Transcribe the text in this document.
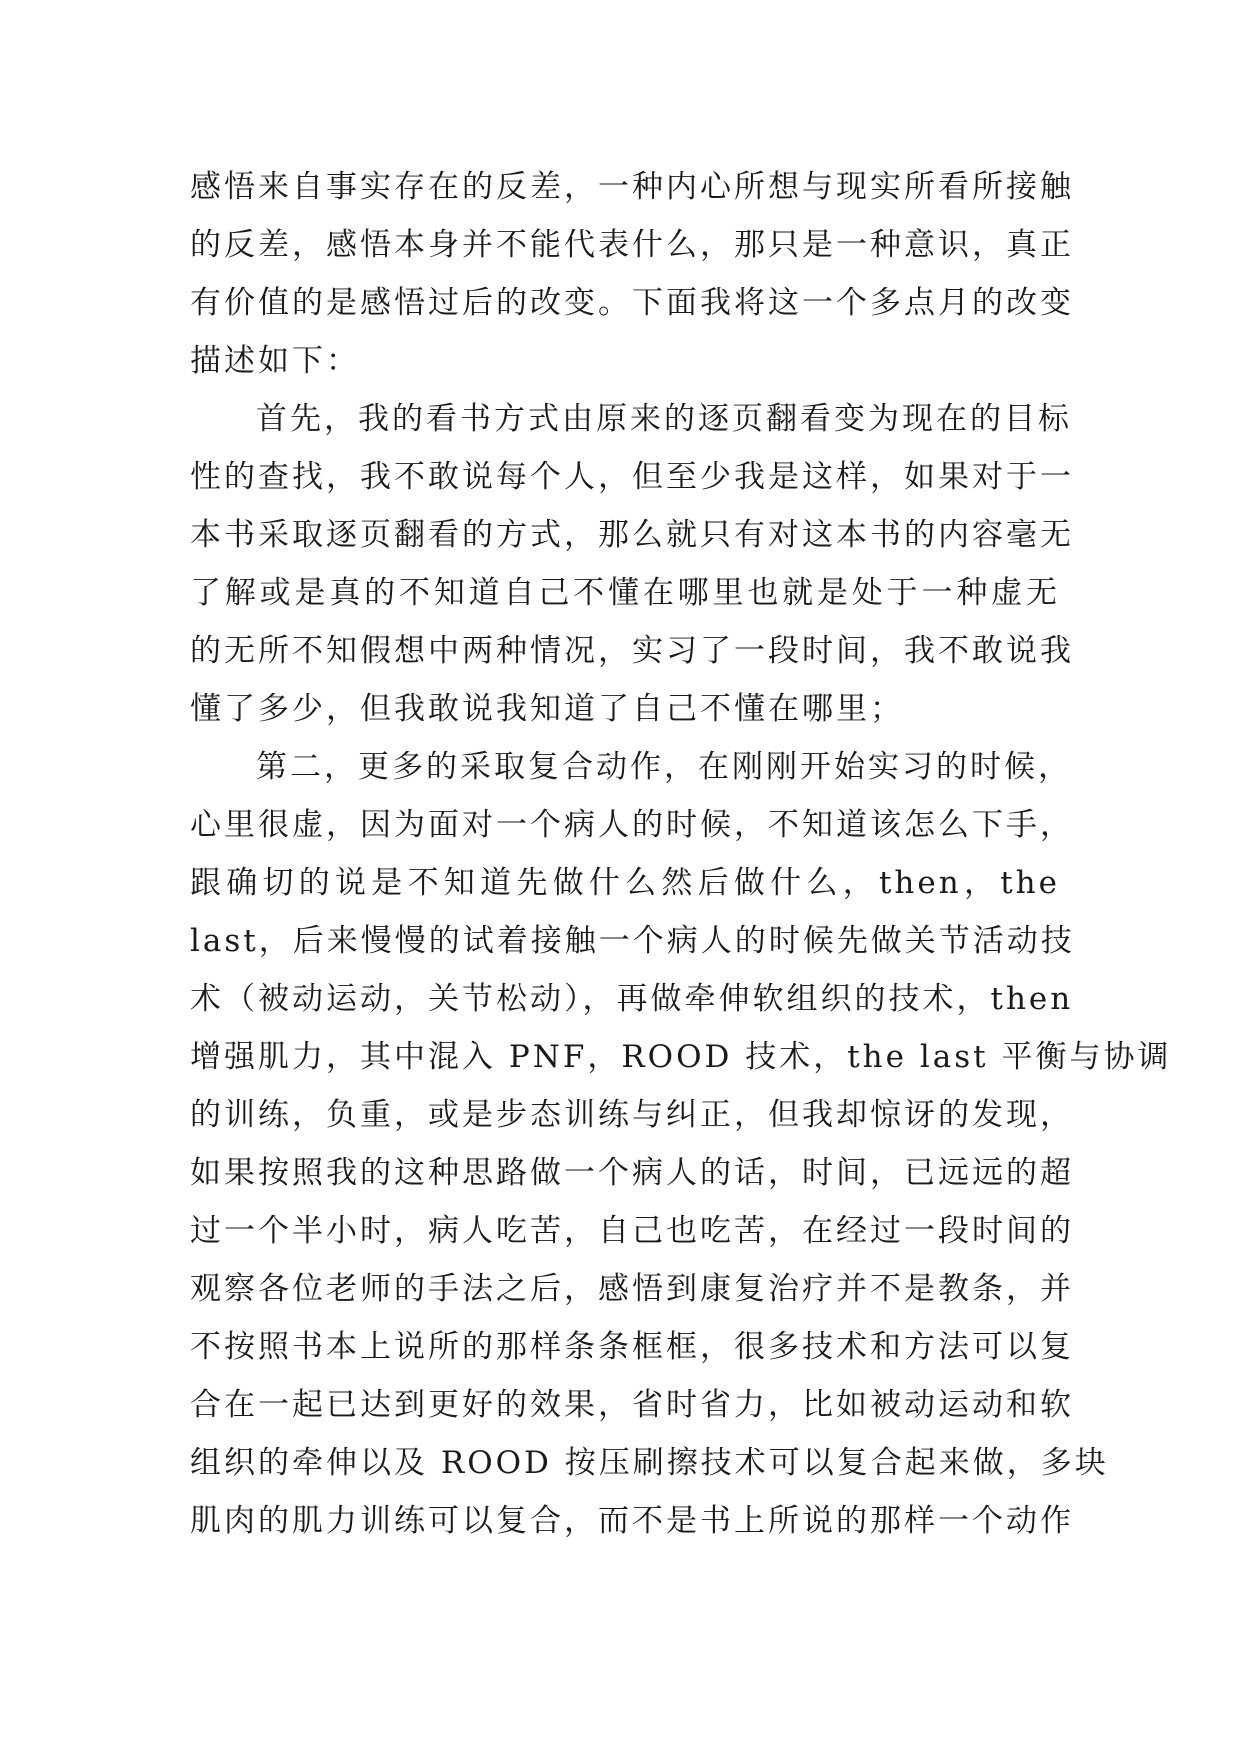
感悟来自事实存在的反差，一种内心所想与现实所看所接触
的反差，感悟本身并不能代表什么，那只是一种意识，真正
有价值的是感悟过后的改变。下面我将这一个多点月的改变
描述如下：
首先，我的看书方式由原来的逐页翻看变为现在的目标
性的查找，我不敢说每个人，但至少我是这样，如果对于一
本书采取逐页翻看的方式，那么就只有对这本书的内容毫无
了解或是真的不知道自己不懂在哪里也就是处于一种虚无
的无所不知假想中两种情况，实习了一段时间，我不敢说我
懂了多少，但我敢说我知道了自己不懂在哪里；
第二，更多的采取复合动作，在刚刚开始实习的时候，
心里很虚，因为面对一个病人的时候，不知道该怎么下手，
跟确切的说是不知道先做什么然后做什么，then，the
last，后来慢慢的试着接触一个病人的时候先做关节活动技
术（被动运动，关节松动），再做牵伸软组织的技术，then
增强肌力，其中混入 PNF，ROOD 技术，the last 平衡与协调
的训练，负重，或是步态训练与纠正，但我却惊讶的发现，
如果按照我的这种思路做一个病人的话，时间，已远远的超
过一个半小时，病人吃苦，自己也吃苦，在经过一段时间的
观察各位老师的手法之后，感悟到康复治疗并不是教条，并
不按照书本上说所的那样条条框框，很多技术和方法可以复
合在一起已达到更好的效果，省时省力，比如被动运动和软
组织的牵伸以及 ROOD 按压刷擦技术可以复合起来做，多块
肌肉的肌力训练可以复合，而不是书上所说的那样一个动作
